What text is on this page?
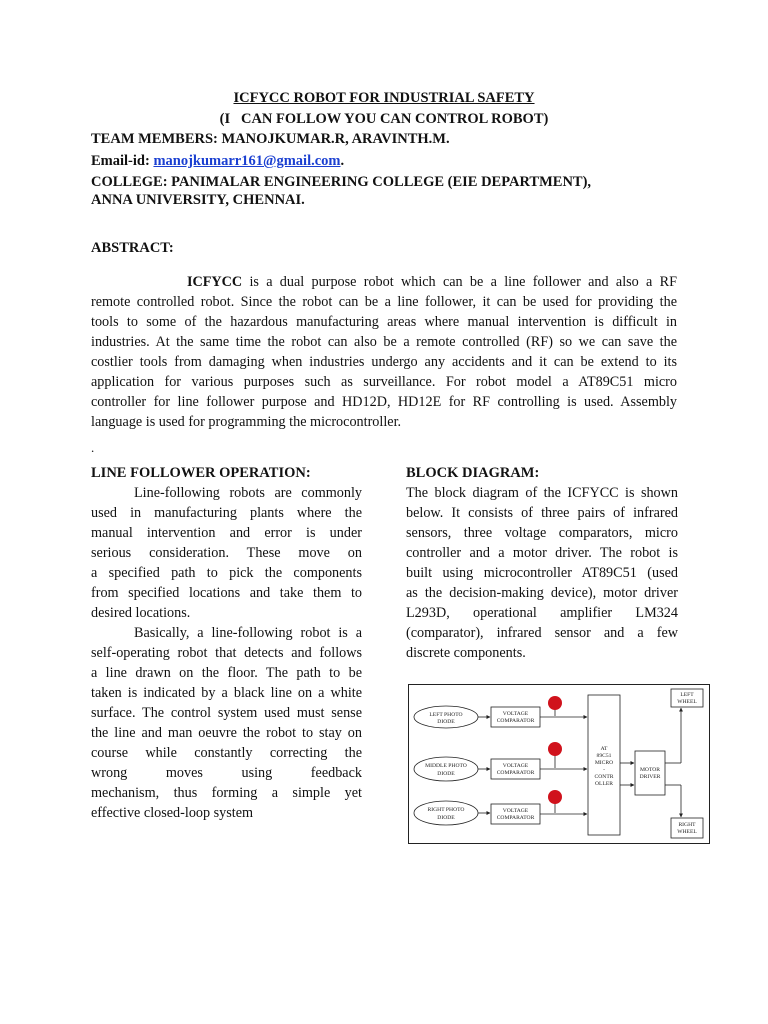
ICFYCC ROBOT FOR INDUSTRIAL SAFETY
(I   CAN FOLLOW YOU CAN CONTROL ROBOT)
TEAM MEMBERS: MANOJKUMAR.R, ARAVINTH.M.
Email-id: manojkumarr161@gmail.com.
COLLEGE: PANIMALAR ENGINEERING COLLEGE (EIE DEPARTMENT),
ANNA UNIVERSITY, CHENNAI.
ABSTRACT:
ICFYCC is a dual purpose robot which can be a line follower and also a RF
remote controlled robot. Since the robot can be a line follower, it can be used for providing the
tools to some of the hazardous manufacturing areas where manual intervention is difficult in
industries. At the same time the robot can also be a remote controlled (RF) so we can save the
costlier tools from damaging when industries undergo any accidents and it can be extend to its
application for various purposes such as surveillance. For robot model a AT89C51 micro
controller for line follower purpose and HD12D, HD12E for RF controlling is used. Assembly
language is used for programming the microcontroller.
.
LINE FOLLOWER OPERATION:
Line-following robots are commonly
used in manufacturing plants where the
manual intervention and error is under
serious consideration. These move on
a specified path to pick the components
from specified locations and take them to
desired locations.
Basically, a line-following robot is a
self-operating robot that detects and follows
a line drawn on the floor. The path to be
taken is indicated by a black line on a white
surface. The control system used must sense
the line and man oeuvre the robot to stay on
course while constantly correcting the
wrong moves using feedback
mechanism, thus forming a simple yet
effective closed-loop system
BLOCK DIAGRAM:
The block diagram of the ICFYCC is shown
below. It consists of three pairs of infrared
sensors, three voltage comparators, micro
controller and a motor driver. The robot is
built using microcontroller AT89C51 (used
as the decision-making device), motor driver
L293D, operational amplifier LM324
(comparator), infrared sensor and a few
discrete components.
LEFT PHOTO
DIODE
MIDDLE PHOTO
DIODE
RIGHT PHOTO
DIODE
VOLTAGE
COMPARATOR
VOLTAGE
COMPARATOR
VOLTAGE
COMPARATOR
AT
89C51
MICRO
-
CONTR
OLLER
MOTOR
DRIVER
LEFT
WHEEL
RIGHT
WHEEL
